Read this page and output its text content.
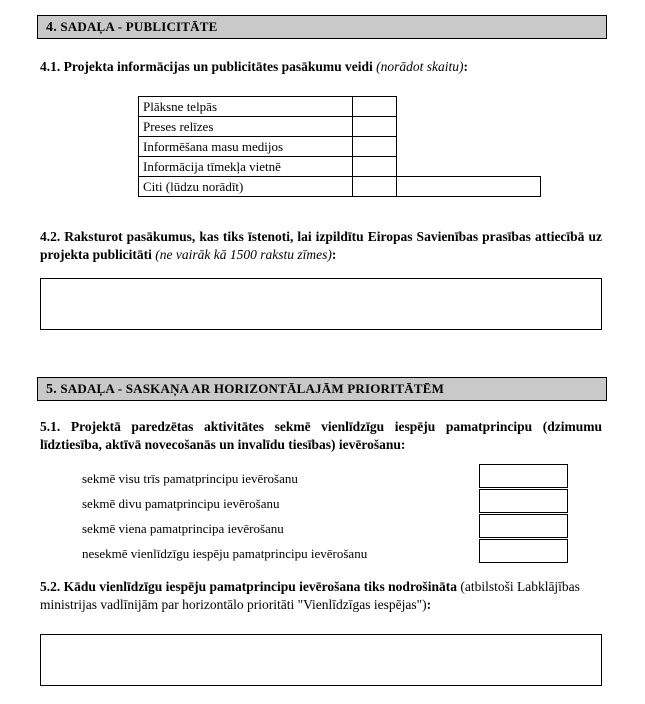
4. SADAĻA - PUBLICITĀTE
4.1. Projekta informācijas un publicitātes pasākumu veidi (norādot skaitu):
Plāksne telpās		
Preses relīzes		
Informēšana masu medijos		
Informācija tīmekļa vietnē		
Citi (lūdzu norādīt)		
4.2. Raksturot pasākumus, kas tiks īstenoti, lai izpildītu Eiropas Savienības prasības attiecībā uz projekta publicitāti (ne vairāk kā 1500 rakstu zīmes):
5. SADAĻA - SASKAŅA AR HORIZONTĀLAJĀM PRIORITĀTĒM
5.1. Projektā paredzētas aktivitātes sekmē vienlīdzīgu iespēju pamatprincipu (dzimumu līdztiesība, aktīvā novecošanās un invalīdu tiesības) ievērošanu:
sekmē visu trīs pamatprincipu ievērošanu
sekmē divu pamatprincipu ievērošanu
sekmē viena pamatprincipa ievērošanu
nesekmē vienlīdzīgu iespēju pamatprincipu ievērošanu
5.2. Kādu vienlīdzīgu iespēju pamatprincipu ievērošana tiks nodrošināta (atbilstoši Labklājības ministrijas vadlīnijām par horizontālo prioritāti "Vienlīdzīgas iespējas"):
